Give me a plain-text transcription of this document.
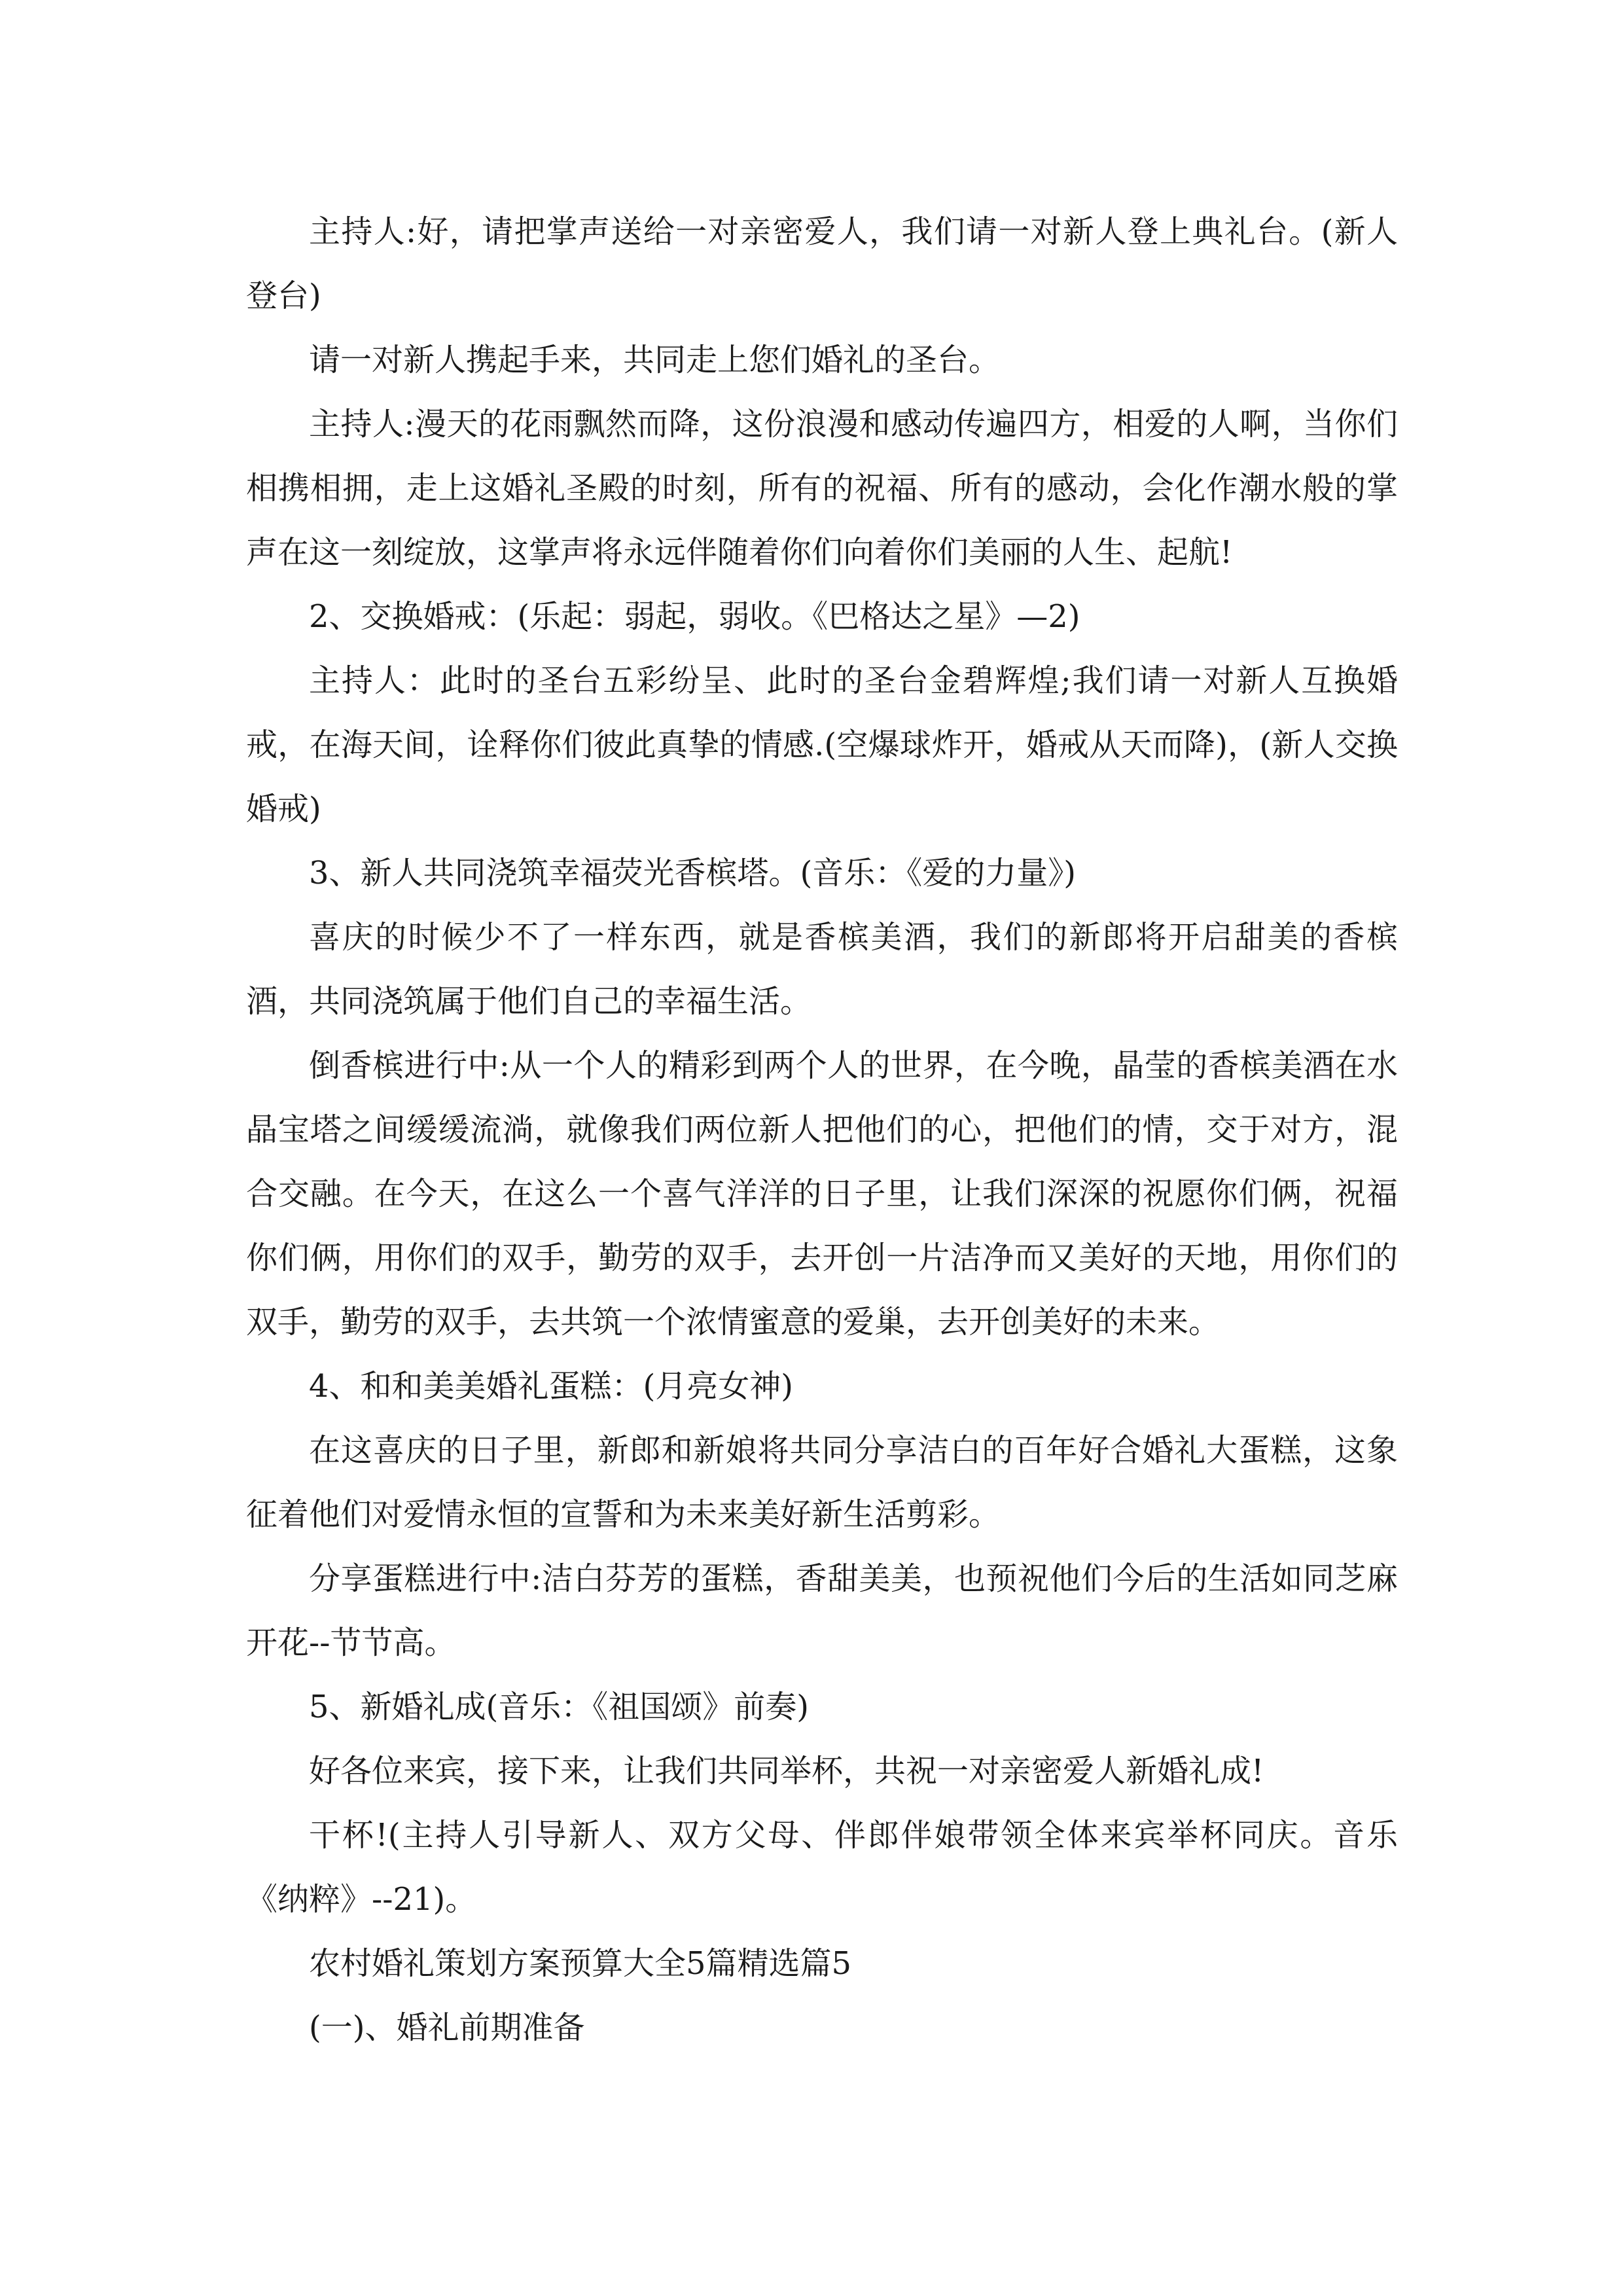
主持人:好，请把掌声送给一对亲密爱人，我们请一对新人登上典礼台。(新人登台)

请一对新人携起手来，共同走上您们婚礼的圣台。

主持人:漫天的花雨飘然而降，这份浪漫和感动传遍四方，相爱的人啊，当你们相携相拥，走上这婚礼圣殿的时刻，所有的祝福、所有的感动，会化作潮水般的掌声在这一刻绽放，这掌声将永远伴随着你们向着你们美丽的人生、起航!

2、交换婚戒：(乐起：弱起，弱收。《巴格达之星》—2)

主持人：此时的圣台五彩纷呈、此时的圣台金碧辉煌;我们请一对新人互换婚戒，在海天间，诠释你们彼此真挚的情感.(空爆球炸开，婚戒从天而降)，(新人交换婚戒)

3、新人共同浇筑幸福荧光香槟塔。(音乐：《爱的力量》)

喜庆的时候少不了一样东西，就是香槟美酒，我们的新郎将开启甜美的香槟酒，共同浇筑属于他们自己的幸福生活。

倒香槟进行中:从一个人的精彩到两个人的世界，在今晚，晶莹的香槟美酒在水晶宝塔之间缓缓流淌，就像我们两位新人把他们的心，把他们的情，交于对方，混合交融。在今天，在这么一个喜气洋洋的日子里，让我们深深的祝愿你们俩，祝福你们俩，用你们的双手，勤劳的双手，去开创一片洁净而又美好的天地，用你们的双手，勤劳的双手，去共筑一个浓情蜜意的爱巢，去开创美好的未来。

4、和和美美婚礼蛋糕：(月亮女神)

在这喜庆的日子里，新郎和新娘将共同分享洁白的百年好合婚礼大蛋糕，这象征着他们对爱情永恒的宣誓和为未来美好新生活剪彩。

分享蛋糕进行中:洁白芬芳的蛋糕，香甜美美，也预祝他们今后的生活如同芝麻开花--节节高。

5、新婚礼成(音乐：《祖国颂》前奏)

好各位来宾，接下来，让我们共同举杯，共祝一对亲密爱人新婚礼成!

干杯!(主持人引导新人、双方父母、伴郎伴娘带领全体来宾举杯同庆。音乐《纳粹》--21)。

农村婚礼策划方案预算大全5篇精选篇5

(一)、婚礼前期准备
